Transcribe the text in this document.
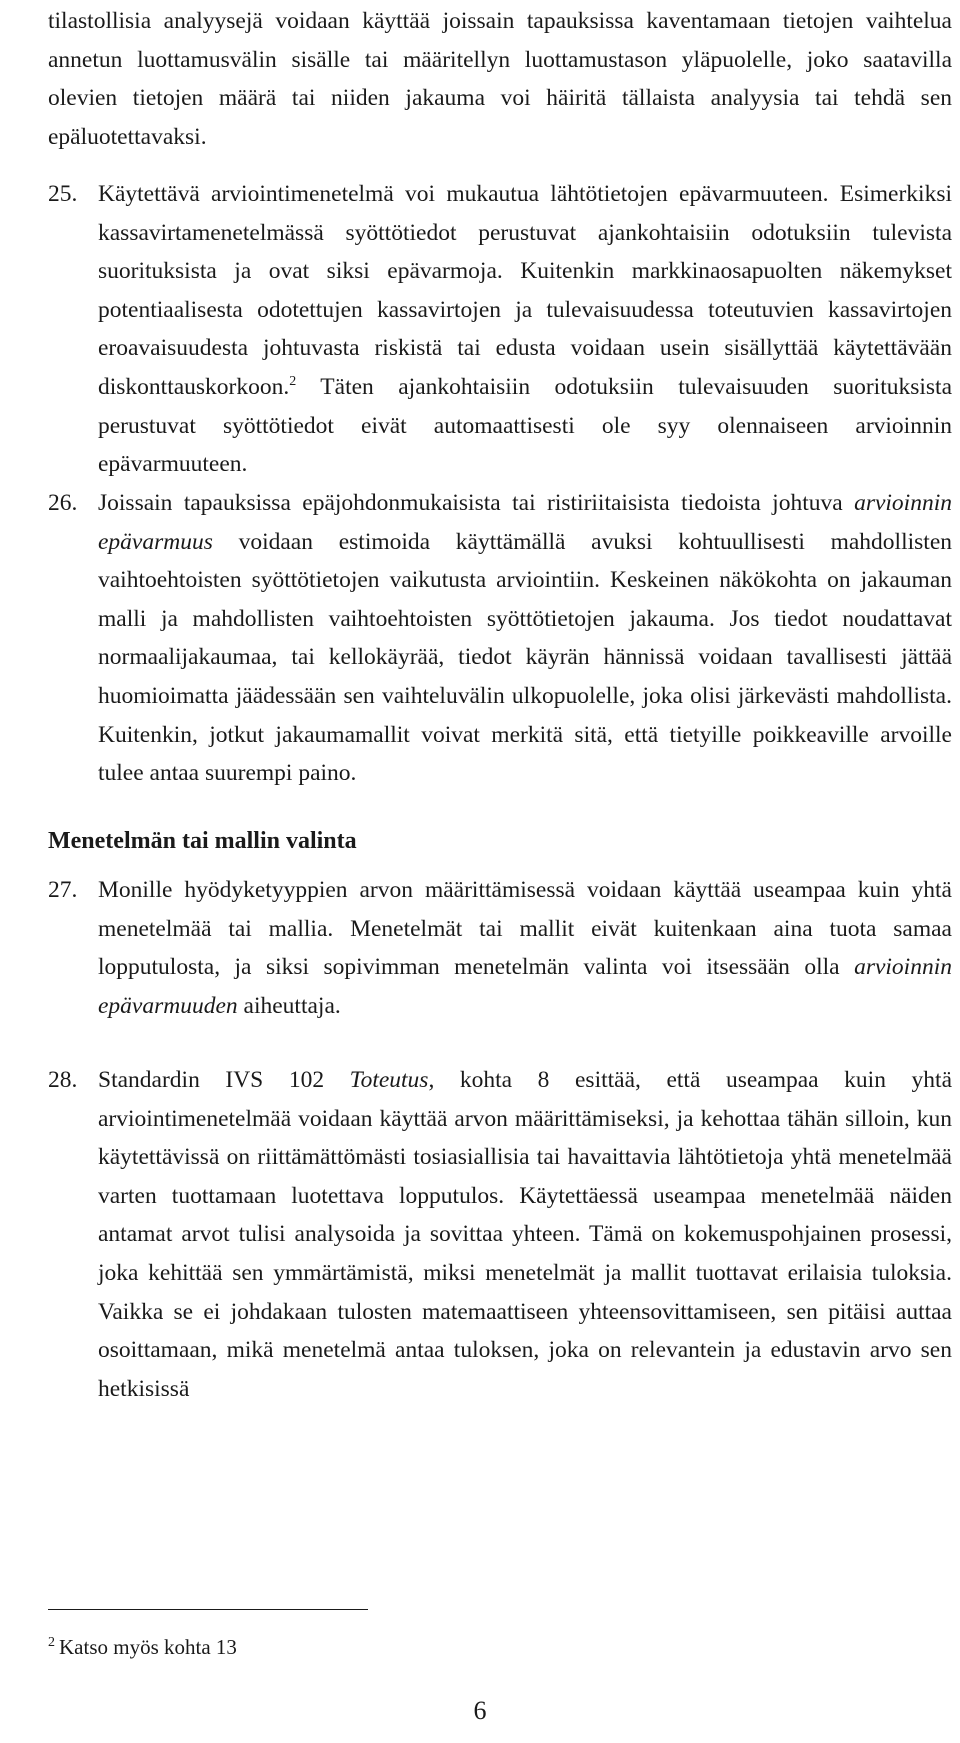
tilastollisia analyysejä voidaan käyttää joissain tapauksissa kaventamaan tietojen vaihtelua annetun luottamusvälin sisälle tai määritellyn luottamustason yläpuolelle, joko saatavilla olevien tietojen määrä tai niiden jakauma voi häiritä tällaista analyysia tai tehdä sen epäluotettavaksi.
25. Käytettävä arviointimenetelmä voi mukautua lähtötietojen epävarmuuteen. Esimerkiksi kassavirtamenetelmässä syöttötiedot perustuvat ajankohtaisiin odotuksiin tulevista suorituksista ja ovat siksi epävarmoja. Kuitenkin markkinaosapuolten näkemykset potentiaalisesta odotettujen kassavirtojen ja tulevaisuudessa toteutuvien kassavirtojen eroavaisuudesta johtuvasta riskistä tai edusta voidaan usein sisällyttää käytettävään diskonttauskorkoon.$^2$ Täten ajankohtaisiin odotuksiin tulevaisuuden suorituksista perustuvat syöttötiedot eivät automaattisesti ole syy olennaiseen arvioinnin epävarmuuteen.
26. Joissain tapauksissa epäjohdonmukaisista tai ristiriitaisista tiedoista johtuva arvioinnin epävarmuus voidaan estimoida käyttämällä avuksi kohtuullisesti mahdollisten vaihtoehtoisten syöttötietojen vaikutusta arviointiin. Keskeinen näkökohta on jakauman malli ja mahdollisten vaihtoehtoisten syöttötietojen jakauma. Jos tiedot noudattavat normaalijakaumaa, tai kellokäyrää, tiedot käyrän hännissä voidaan tavallisesti jättää huomioimatta jäädessään sen vaihteluvälin ulkopuolelle, joka olisi järkevästi mahdollista. Kuitenkin, jotkut jakaumamallit voivat merkitä sitä, että tietyille poikkeaville arvoille tulee antaa suurempi paino.
Menetelmän tai mallin valinta
27. Monille hyödyketyyppien arvon määrittämisessä voidaan käyttää useampaa kuin yhtä menetelmää tai mallia. Menetelmät tai mallit eivät kuitenkaan aina tuota samaa lopputulosta, ja siksi sopivimman menetelmän valinta voi itsessään olla arvioinnin epävarmuuden aiheuttaja.
28. Standardin IVS 102 Toteutus, kohta 8 esittää, että useampaa kuin yhtä arviointimenetelmää voidaan käyttää arvon määrittämiseksi, ja kehottaa tähän silloin, kun käytettävissä on riittämättömästi tosiasiallisia tai havaittavia lähtötietoja yhtä menetelmää varten tuottamaan luotettava lopputulos. Käytettäessä useampaa menetelmää näiden antamat arvot tulisi analysoida ja sovittaa yhteen. Tämä on kokemuspohjainen prosessi, joka kehittää sen ymmärtämistä, miksi menetelmät ja mallit tuottavat erilaisia tuloksia. Vaikka se ei johdakaan tulosten matemaattiseen yhteensovittamiseen, sen pitäisi auttaa osoittamaan, mikä menetelmä antaa tuloksen, joka on relevantein ja edustavin arvo sen hetkisissä
$^2$ Katso myös kohta 13
6
